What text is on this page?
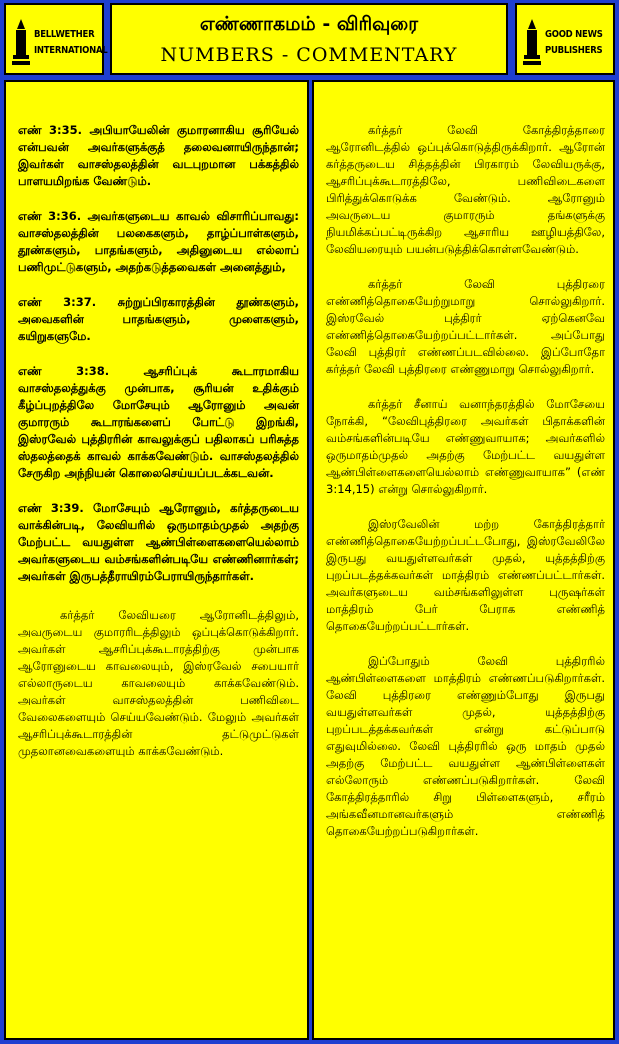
BELLWETHER
INTERNATIONAL
எண்ணாகமம் - விரிவுரை
NUMBERS - COMMENTARY
GOOD NEWS
PUBLISHERS

எண் 3:35. அபியாயேலின் குமாரனாகிய சூரியேல் என்பவன் அவர்களுக்குத் தலைவனாயிருந்தான்; இவர்கள் வாசஸ்தலத்தின் வடபுறமான பக்கத்தில் பாளயமிறங்க வேண்டும்.

எண் 3:36. அவர்களுடைய காவல் விசாரிப்பாவது: வாசஸ்தலத்தின் பலகைகளும், தாழ்ப்பாள்களும், தூண்களும், பாதங்களும், அதினுடைய எல்லாப் பணிமுட்டுகளும், அதற்கடுத்தவைகள் அனைத்தும்,

எண் 3:37. சுற்றுப்பிரகாரத்தின் தூண்களும், அவைகளின் பாதங்களும், முளைகளும், கயிறுகளுமே.

எண் 3:38. ஆசரிப்புக் கூடாரமாகிய வாசஸ்தலத்துக்கு முன்பாக, சூரியன் உதிக்கும் கீழ்ப்புறத்திலே மோசேயும் ஆரோனும் அவன் குமாரரும் கூடாரங்களைப் போட்டு இறங்கி, இஸ்ரவேல் புத்திரரின் காவலுக்குப் பதிலாகப் பரிசுத்த ஸ்தலத்தைக் காவல் காக்கவேண்டும். வாசஸ்தலத்தில் சேருகிற அந்நியன் கொலைசெய்யப்படக்கடவன்.

எண் 3:39. மோசேயும் ஆரோனும், கர்த்தருடைய வாக்கின்படி, லேவியரில் ஒருமாதம்முதல் அதற்கு மேற்பட்ட வயதுள்ள ஆண்பிள்ளைகளையெல்லாம் அவர்களுடைய வம்சங்களின்படியே எண்ணினார்கள்; அவர்கள் இருபத்தீராயிரம்பேராயிருந்தார்கள்.

கர்த்தர் லேவியரை ஆரோனிடத்திலும், அவருடைய குமாரரிடத்திலும் ஒப்புக்கொடுக்கிறார். அவர்கள் ஆசரிப்புக்கூடாரத்திற்கு முன்பாக ஆரோனுடைய காவலையும், இஸ்ரவேல் சபையார் எல்லாருடைய காவலையும் காக்கவேண்டும். அவர்கள் வாசஸ்தலத்தின் பணிவிடை வேலைகளையும் செய்யவேண்டும். மேலும் அவர்கள் ஆசரிப்புக்கூடாரத்தின் தட்டுமுட்டுகள் முதலானவைகளையும் காக்கவேண்டும்.

கர்த்தர் லேவி கோத்திரத்தாரை ஆரோனிடத்தில் ஒப்புக்கொடுத்திருக்கிறார். ஆரோன் கர்த்தருடைய சித்தத்தின் பிரகாரம் லேவியருக்கு, ஆசரிப்புக்கூடாரத்திலே, பணிவிடைகளை பிரித்துக்கொடுக்க வேண்டும். ஆரோனும் அவருடைய குமாரரும் தங்களுக்கு நியமிக்கப்பட்டிருக்கிற ஆசாரிய ஊழியத்திலே, லேவியரையும் பயன்படுத்திக்கொள்ளவேண்டும்.

கர்த்தர் லேவி புத்திரரை எண்ணித்தொகையேற்றுமாறு சொல்லுகிறார். இஸ்ரவேல் புத்திரர் ஏற்கெனவே எண்ணித்தொகையேற்றப்பட்டார்கள். அப்போது லேவி புத்திரர் எண்ணப்படவில்லை. இப்போதோ கர்த்தர் லேவி புத்திரரை எண்ணுமாறு சொல்லுகிறார்.

கர்த்தர் சீனாய் வனாந்தரத்தில் மோசேயை நோக்கி, “லேவிபுத்திரரை அவர்கள் பிதாக்களின் வம்சங்களின்படியே எண்ணுவாயாக; அவர்களில் ஒருமாதம்முதல் அதற்கு மேற்பட்ட வயதுள்ள ஆண்பிள்ளைகளையெல்லாம் எண்ணுவாயாக” (எண் 3:14,15) என்று சொல்லுகிறார்.

இஸ்ரவேலின் மற்ற கோத்திரத்தார் எண்ணித்தொகையேற்றப்பட்டபோது, இஸ்ரவேலிலே இருபது வயதுள்ளவர்கள் முதல், யுத்தத்திற்கு புறப்படத்தக்கவர்கள் மாத்திரம் எண்ணப்பட்டார்கள். அவர்களுடைய வம்சங்களிலுள்ள புருஷர்கள் மாத்திரம் பேர் பேராக எண்ணித் தொகையேற்றப்பட்டார்கள்.

இப்போதும் லேவி புத்திரரில் ஆண்பிள்ளைகளை மாத்திரம் எண்ணப்படுகிறார்கள். லேவி புத்திரரை எண்ணும்போது இருபது வயதுள்ளவர்கள் முதல், யுத்தத்திற்கு புறப்படத்தக்கவர்கள் என்று கட்டுப்பாடு எதுவுமில்லை. லேவி புத்திரரில் ஒரு மாதம் முதல் அதற்கு மேற்பட்ட வயதுள்ள ஆண்பிள்ளைகள் எல்லோரும் எண்ணப்படுகிறார்கள். லேவி கோத்திரத்தாரில் சிறு பிள்ளைகளும், சரீரம் அங்கவீனமானவர்களும் எண்ணித் தொகையேற்றப்படுகிறார்கள்.
